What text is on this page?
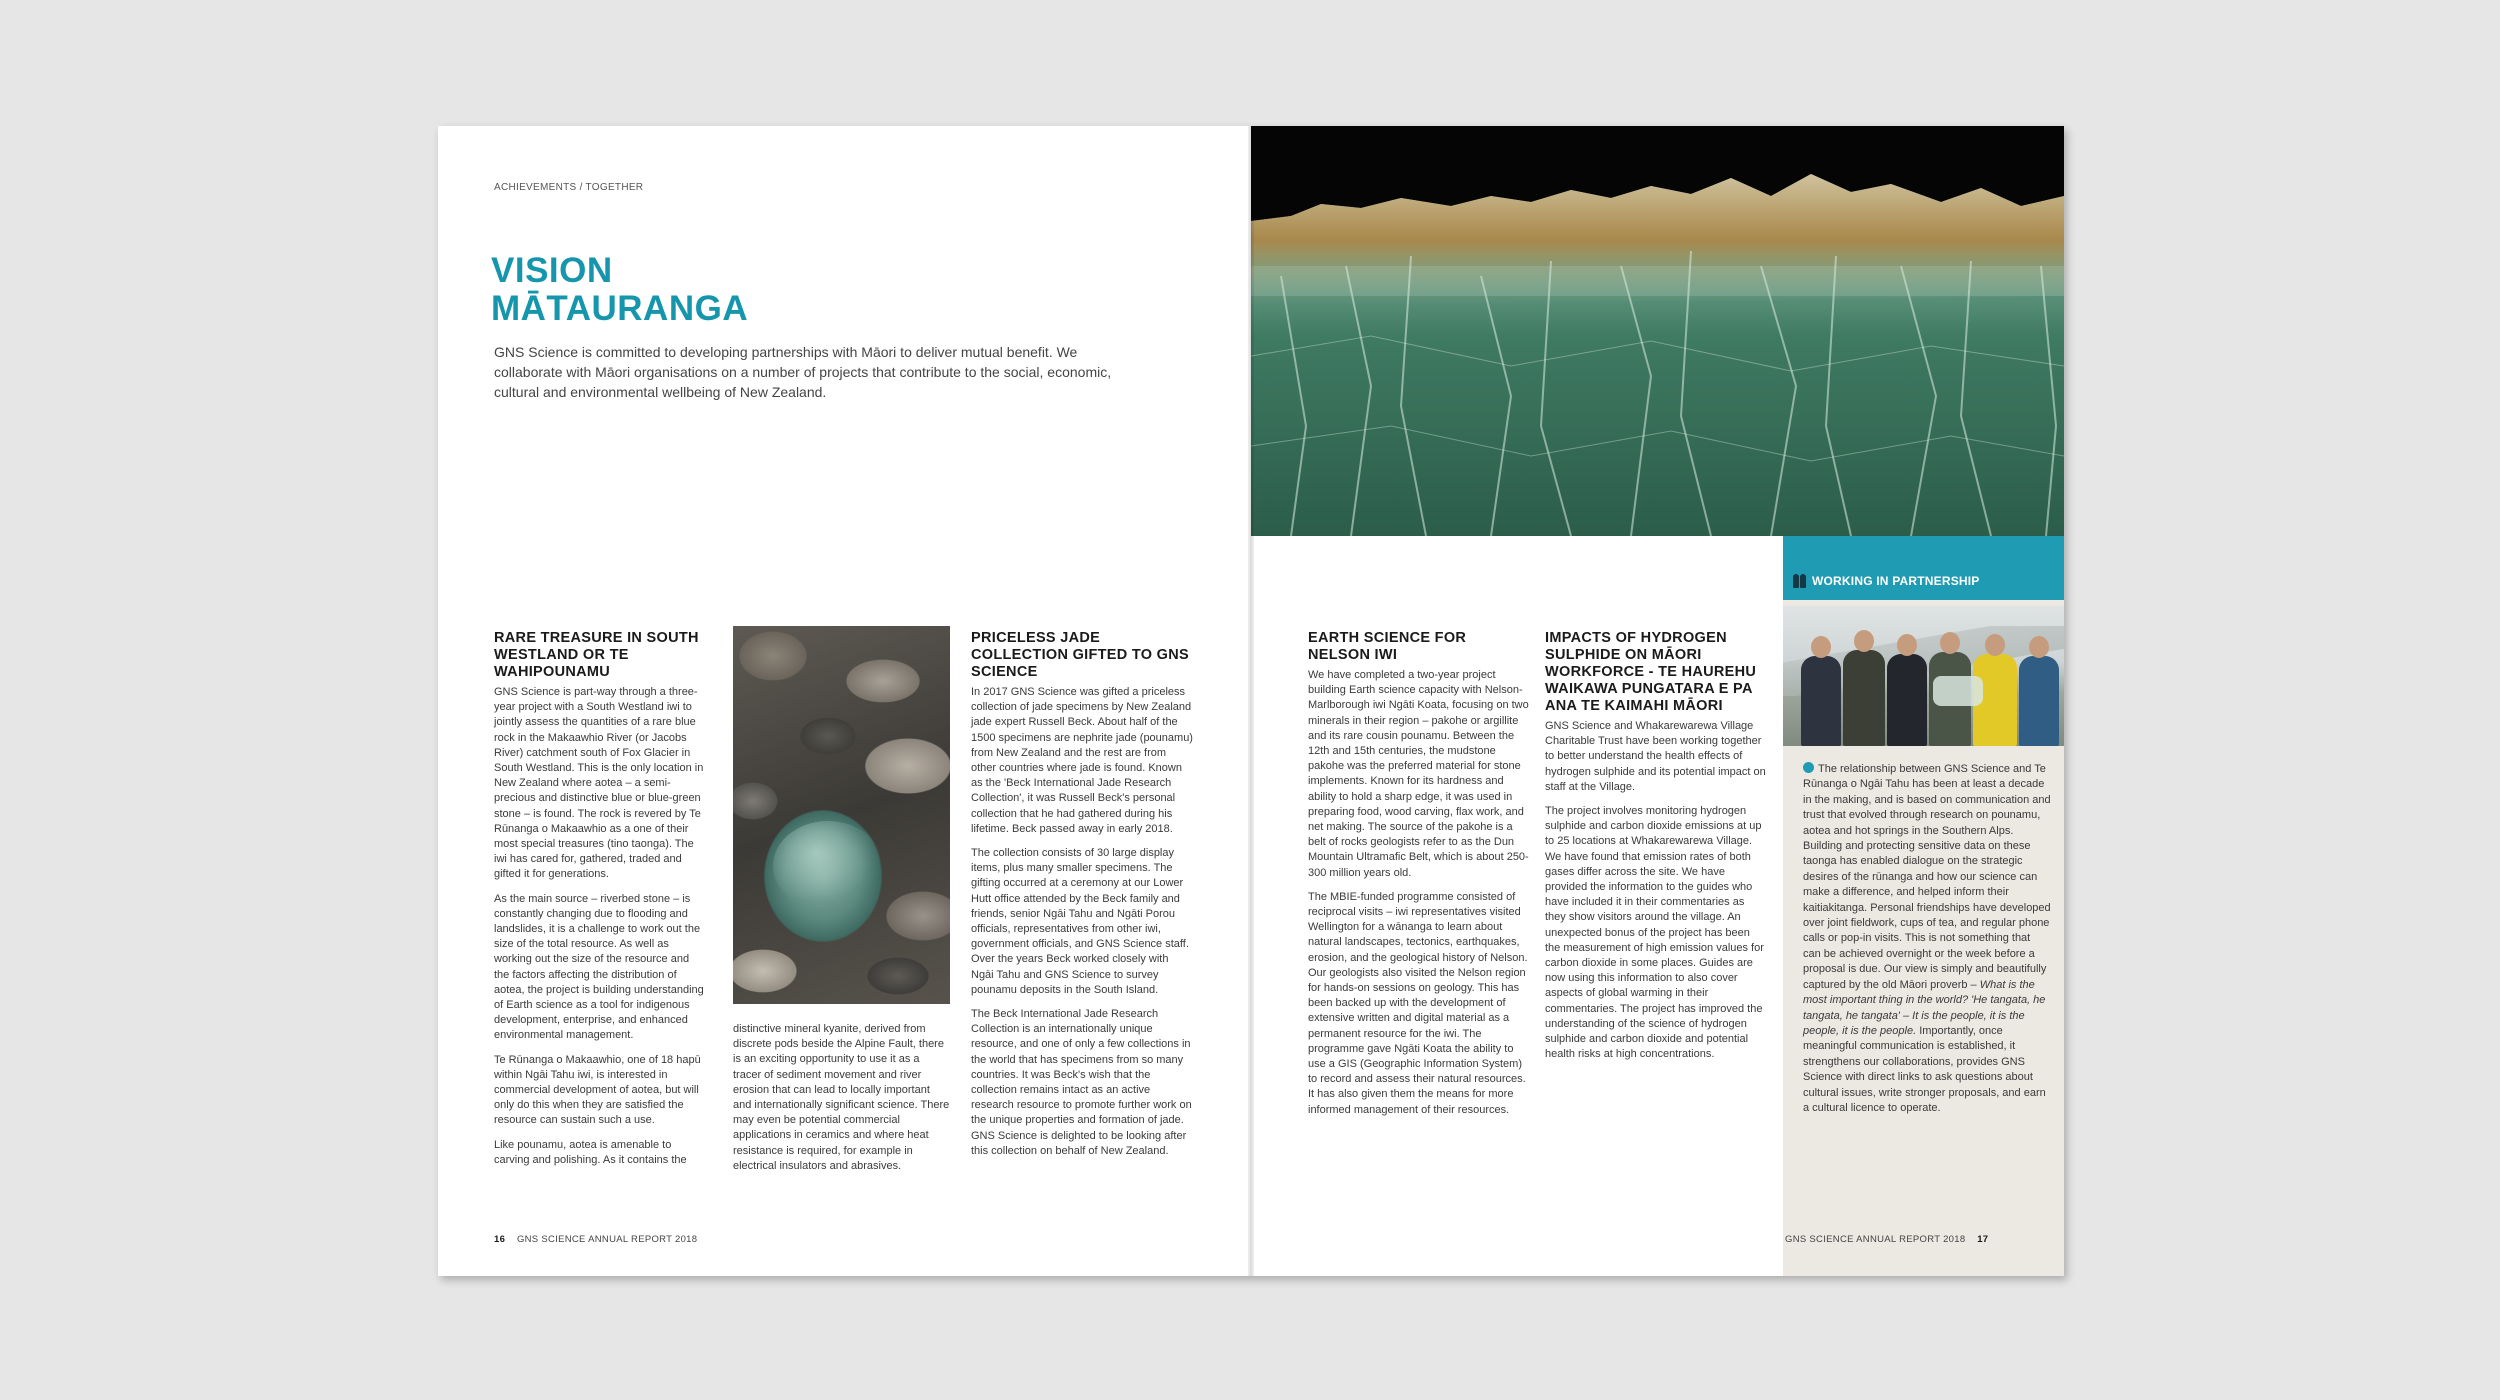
ACHIEVEMENTS / TOGETHER
VISION
MĀTAURANGA
GNS Science is committed to developing partnerships with Māori to deliver mutual benefit. We collaborate with Māori organisations on a number of projects that contribute to the social, economic, cultural and environmental wellbeing of New Zealand.
RARE TREASURE IN SOUTH WESTLAND OR TE WAHIPOUNAMU

GNS Science is part-way through a three-year project with a South Westland iwi to jointly assess the quantities of a rare blue rock in the Makaawhio River (or Jacobs River) catchment south of Fox Glacier in South Westland. This is the only location in New Zealand where aotea – a semi-precious and distinctive blue or blue-green stone – is found. The rock is revered by Te Rūnanga o Makaawhio as a one of their most special treasures (tino taonga). The iwi has cared for, gathered, traded and gifted it for generations.

As the main source – riverbed stone – is constantly changing due to flooding and landslides, it is a challenge to work out the size of the total resource. As well as working out the size of the resource and the factors affecting the distribution of aotea, the project is building understanding of Earth science as a tool for indigenous development, enterprise, and enhanced environmental management.

Te Rūnanga o Makaawhio, one of 18 hapū within Ngāi Tahu iwi, is interested in commercial development of aotea, but will only do this when they are satisfied the resource can sustain such a use.

Like pounamu, aotea is amenable to carving and polishing. As it contains the

distinctive mineral kyanite, derived from discrete pods beside the Alpine Fault, there is an exciting opportunity to use it as a tracer of sediment movement and river erosion that can lead to locally important and internationally significant science. There may even be potential commercial applications in ceramics and where heat resistance is required, for example in electrical insulators and abrasives.

PRICELESS JADE COLLECTION GIFTED TO GNS SCIENCE

In 2017 GNS Science was gifted a priceless collection of jade specimens by New Zealand jade expert Russell Beck. About half of the 1500 specimens are nephrite jade (pounamu) from New Zealand and the rest are from other countries where jade is found. Known as the 'Beck International Jade Research Collection', it was Russell Beck's personal collection that he had gathered during his lifetime. Beck passed away in early 2018.

The collection consists of 30 large display items, plus many smaller specimens. The gifting occurred at a ceremony at our Lower Hutt office attended by the Beck family and friends, senior Ngāi Tahu and Ngāti Porou officials, representatives from other iwi, government officials, and GNS Science staff. Over the years Beck worked closely with Ngāi Tahu and GNS Science to survey pounamu deposits in the South Island.

The Beck International Jade Research Collection is an internationally unique resource, and one of only a few collections in the world that has specimens from so many countries. It was Beck's wish that the collection remains intact as an active research resource to promote further work on the unique properties and formation of jade. GNS Science is delighted to be looking after this collection on behalf of New Zealand.

16 GNS SCIENCE ANNUAL REPORT 2018
EARTH SCIENCE FOR NELSON IWI

We have completed a two-year project building Earth science capacity with Nelson-Marlborough iwi Ngāti Koata, focusing on two minerals in their region – pakohe or argillite and its rare cousin pounamu. Between the 12th and 15th centuries, the mudstone pakohe was the preferred material for stone implements. Known for its hardness and ability to hold a sharp edge, it was used in preparing food, wood carving, flax work, and net making. The source of the pakohe is a belt of rocks geologists refer to as the Dun Mountain Ultramafic Belt, which is about 250-300 million years old.

The MBIE-funded programme consisted of reciprocal visits – iwi representatives visited Wellington for a wānanga to learn about natural landscapes, tectonics, earthquakes, erosion, and the geological history of Nelson. Our geologists also visited the Nelson region for hands-on sessions on geology. This has been backed up with the development of extensive written and digital material as a permanent resource for the iwi. The programme gave Ngāti Koata the ability to use a GIS (Geographic Information System) to record and assess their natural resources. It has also given them the means for more informed management of their resources.

IMPACTS OF HYDROGEN SULPHIDE ON MĀORI WORKFORCE - TE HAUREHU WAIKAWA PUNGATARA E PA ANA TE KAIMAHI MĀORI

GNS Science and Whakarewarewa Village Charitable Trust have been working together to better understand the health effects of hydrogen sulphide and its potential impact on staff at the Village.

The project involves monitoring hydrogen sulphide and carbon dioxide emissions at up to 25 locations at Whakarewarewa Village. We have found that emission rates of both gases differ across the site. We have provided the information to the guides who have included it in their commentaries as they show visitors around the village. An unexpected bonus of the project has been the measurement of high emission values for carbon dioxide in some places. Guides are now using this information to also cover aspects of global warming in their commentaries. The project has improved the understanding of the science of hydrogen sulphide and carbon dioxide and potential health risks at high concentrations.

WORKING IN PARTNERSHIP
The relationship between GNS Science and Te Rūnanga o Ngāi Tahu has been at least a decade in the making, and is based on communication and trust that evolved through research on pounamu, aotea and hot springs in the Southern Alps. Building and protecting sensitive data on these taonga has enabled dialogue on the strategic desires of the rūnanga and how our science can make a difference, and helped inform their kaitiakitanga. Personal friendships have developed over joint fieldwork, cups of tea, and regular phone calls or pop-in visits. This is not something that can be achieved overnight or the week before a proposal is due. Our view is simply and beautifully captured by the old Māori proverb – What is the most important thing in the world? 'He tangata, he tangata, he tangata' – It is the people, it is the people, it is the people. Importantly, once meaningful communication is established, it strengthens our collaborations, provides GNS Science with direct links to ask questions about cultural issues, write stronger proposals, and earn a cultural licence to operate.
GNS SCIENCE ANNUAL REPORT 2018 17
